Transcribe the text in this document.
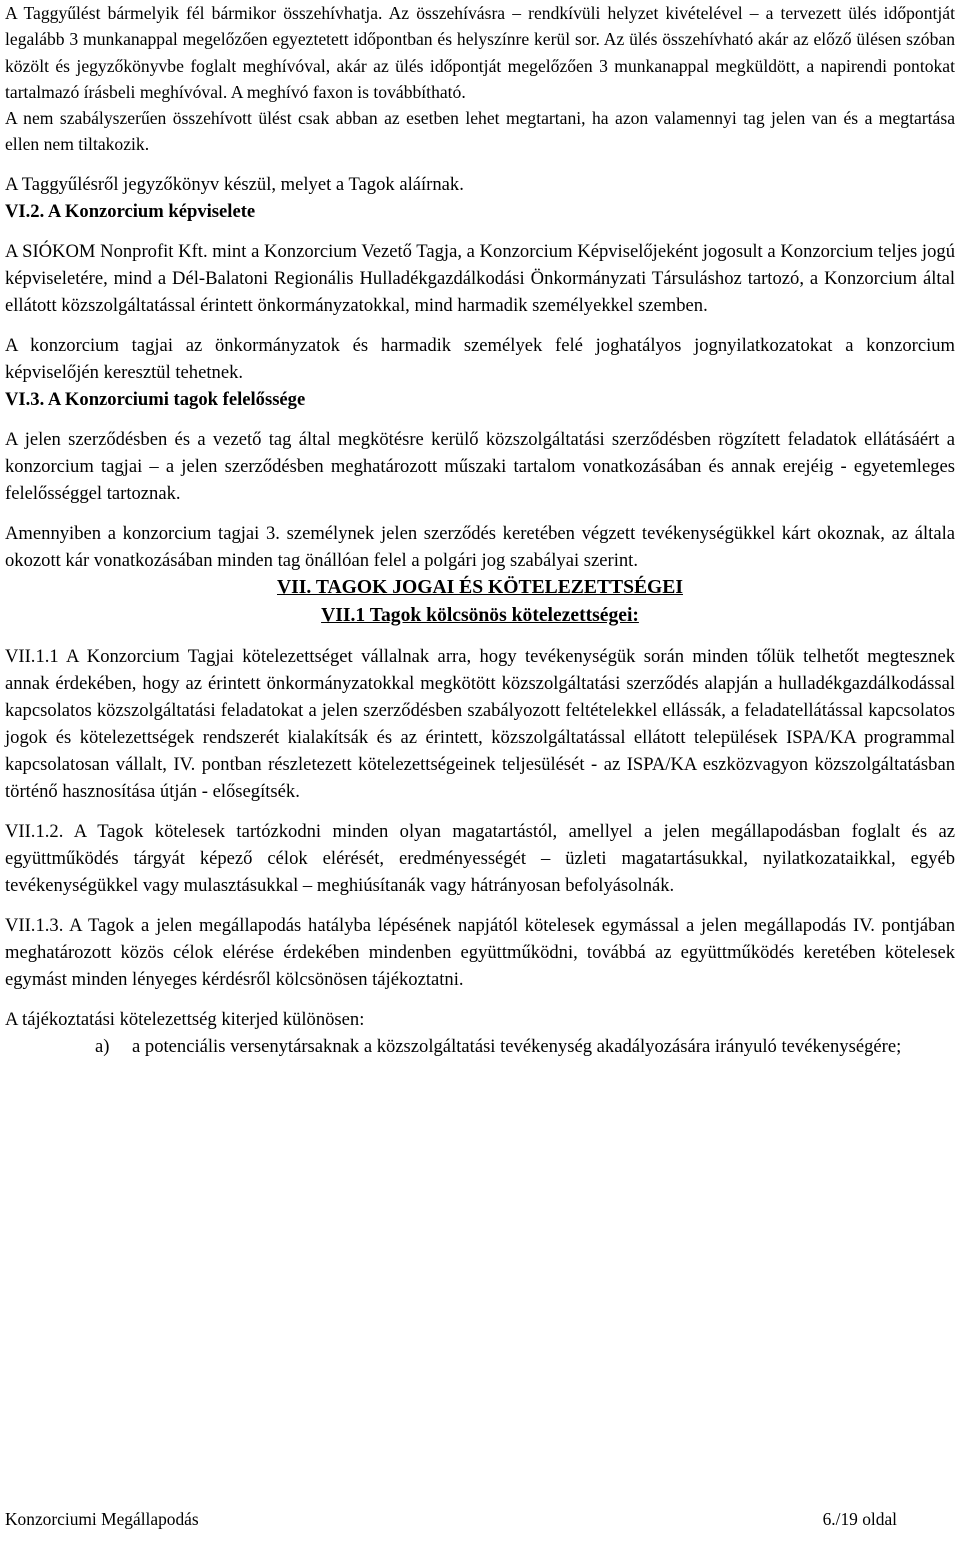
A Taggyűlést bármelyik fél bármikor összehívhatja. Az összehívásra – rendkívüli helyzet kivételével – a tervezett ülés időpontját legalább 3 munkanappal megelőzően egyeztetett időpontban és helyszínre kerül sor. Az ülés összehívható akár az előző ülésen szóban közölt és jegyzőkönyvbe foglalt meghívóval, akár az ülés időpontját megelőzően 3 munkanappal megküldött, a napirendi pontokat tartalmazó írásbeli meghívóval. A meghívó faxon is továbbítható.

A nem szabályszerűen összehívott ülést csak abban az esetben lehet megtartani, ha azon valamennyi tag jelen van és a megtartása ellen nem tiltakozik.

A Taggyűlésről jegyzőkönyv készül, melyet a Tagok aláírnak.

VI.2. A Konzorcium képviselete

A SIÓKOM Nonprofit Kft. mint a Konzorcium Vezető Tagja, a Konzorcium Képviselőjeként jogosult a Konzorcium teljes jogú képviseletére, mind a Dél-Balatoni Regionális Hulladékgazdálkodási Önkormányzati Társuláshoz tartozó, a Konzorcium által ellátott közszolgáltatással érintett önkormányzatokkal, mind harmadik személyekkel szemben.

A konzorcium tagjai az önkormányzatok és harmadik személyek felé joghatályos jognyilatkozatokat a konzorcium képviselőjén keresztül tehetnek.

VI.3. A Konzorciumi tagok felelőssége

A jelen szerződésben és a vezető tag által megkötésre kerülő közszolgáltatási szerződésben rögzített feladatok ellátásáért a konzorcium tagjai – a jelen szerződésben meghatározott műszaki tartalom vonatkozásában és annak erejéig - egyetemleges felelősséggel tartoznak.

Amennyiben a konzorcium tagjai 3. személynek jelen szerződés keretében végzett tevékenységükkel kárt okoznak, az általa okozott kár vonatkozásában minden tag önállóan felel a polgári jog szabályai szerint.

VII. TAGOK JOGAI ÉS KÖTELEZETTSÉGEI

VII.1 Tagok kölcsönös kötelezettségei:

VII.1.1 A Konzorcium Tagjai kötelezettséget vállalnak arra, hogy tevékenységük során minden tőlük telhetőt megtesznek annak érdekében, hogy az érintett önkormányzatokkal megkötött közszolgáltatási szerződés alapján a hulladékgazdálkodással kapcsolatos közszolgáltatási feladatokat a jelen szerződésben szabályozott feltételekkel ellássák, a feladatellátással kapcsolatos jogok és kötelezettségek rendszerét kialakítsák és az érintett, közszolgáltatással ellátott települések ISPA/KA programmal kapcsolatosan vállalt, IV. pontban részletezett kötelezettségeinek teljesülését - az ISPA/KA eszközvagyon közszolgáltatásban történő hasznosítása útján - elősegítsék.

VII.1.2. A Tagok kötelesek tartózkodni minden olyan magatartástól, amellyel a jelen megállapodásban foglalt és az együttműködés tárgyát képező célok elérését, eredményességét – üzleti magatartásukkal, nyilatkozataikkal, egyéb tevékenységükkel vagy mulasztásukkal – meghiúsítanák vagy hátrányosan befolyásolnák.

VII.1.3. A Tagok a jelen megállapodás hatályba lépésének napjától kötelesek egymással a jelen megállapodás IV. pontjában meghatározott közös célok elérése érdekében mindenben együttműködni, továbbá az együttműködés keretében kötelesek egymást minden lényeges kérdésről kölcsönösen tájékoztatni.

A tájékoztatási kötelezettség kiterjed különösen:

a)	a potenciális versenytársaknak a közszolgáltatási tevékenység akadályozására irányuló tevékenységére;
Konzorciumi Megállapodás	6./19 oldal
